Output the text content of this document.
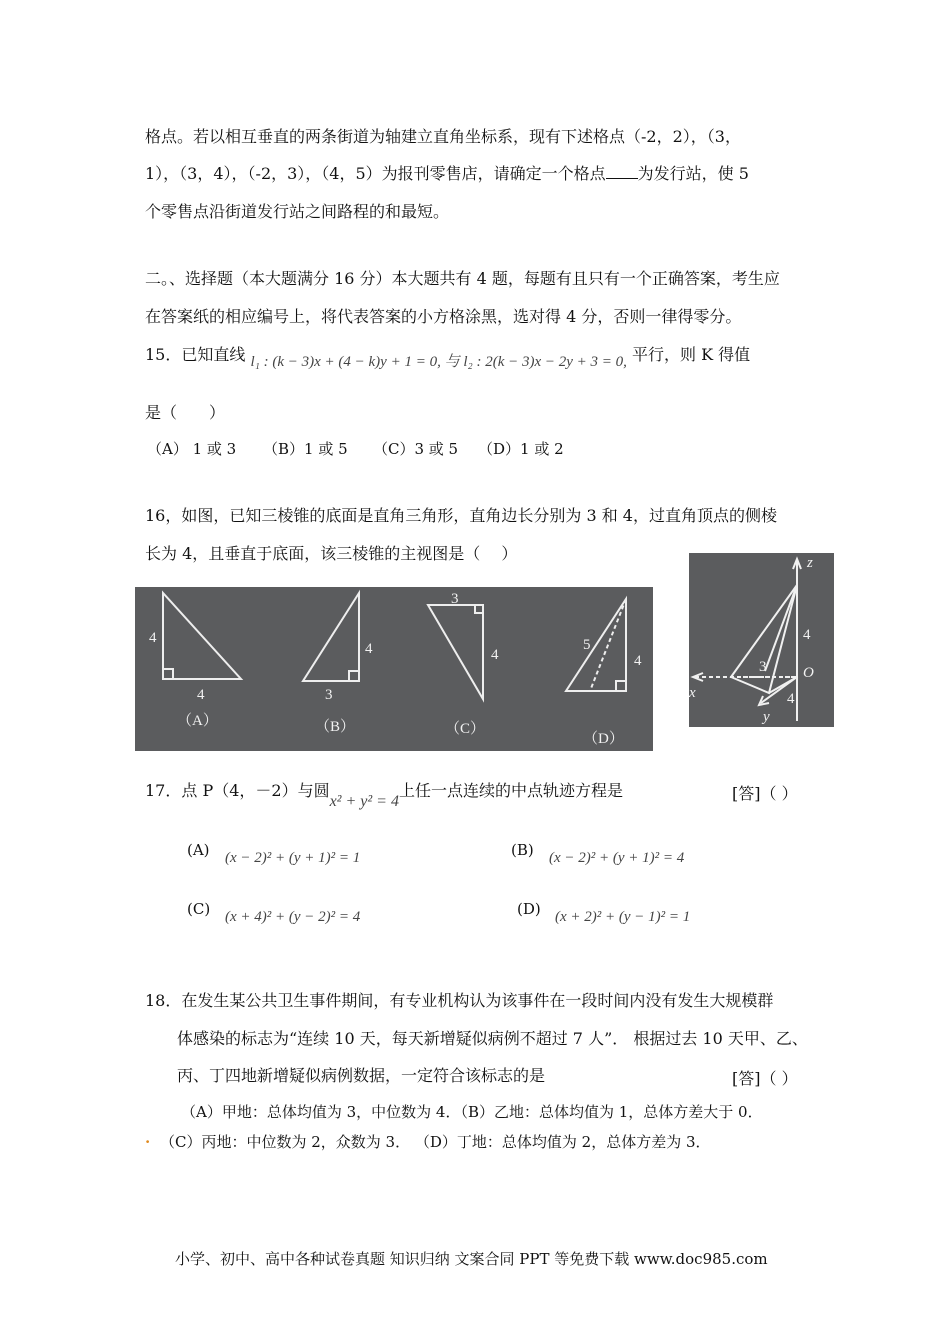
格点。若以相互垂直的两条街道为轴建立直角坐标系，现有下述格点（-2，2），（3，
1），（3，4），（-2，3），（4，5）为报刊零售店，请确定一个格点 为发行站，使 5
个零售点沿街道发行站之间路程的和最短。
二。、选择题（本大题满分 16 分）本大题共有 4 题，每题有且只有一个正确答案，考生应
在答案纸的相应编号上，将代表答案的小方格涂黑，选对得 4 分，否则一律得零分。
15．已知直线 l₁ : (k − 3)x + (4 − k)y + 1 = 0, 与 l₂ : 2(k − 3)x − 2y + 3 = 0, 平行，则 K 得值
是（　　）
（A） 1 或 3 （B）1 或 5 （C）3 或 5 （D）1 或 2
16，如图，已知三棱锥的底面是直角三角形，直角边长分别为 3 和 4，过直角顶点的侧棱
长为 4，且垂直于底面，该三棱锥的主视图是（　 ）
4
4
（A）
4
3
（B）
3
4
（C）
5
4
（D）
z
x
y
O
4
3
4
17．点 P（4，－2）与圆x² + y² = 4上任一点连续的中点轨迹方程是	[答]（ ）
(A) (x − 2)² + (y + 1)² = 1	(B) (x − 2)² + (y + 1)² = 4
(C) (x + 4)² + (y − 2)² = 4	(D) (x + 2)² + (y − 1)² = 1
18．在发生某公共卫生事件期间，有专业机构认为该事件在一段时间内没有发生大规模群
体感染的标志为“连续 10 天，每天新增疑似病例不超过 7 人”． 根据过去 10 天甲、乙、
丙、丁四地新增疑似病例数据，一定符合该标志的是	[答]（ ）
（A）甲地：总体均值为 3，中位数为 4．（B）乙地：总体均值为 1，总体方差大于 0．
. （C）丙地：中位数为 2，众数为 3． （D）丁地：总体均值为 2，总体方差为 3．
小学、初中、高中各种试卷真题 知识归纳 文案合同 PPT 等免费下载 www.doc985.com
